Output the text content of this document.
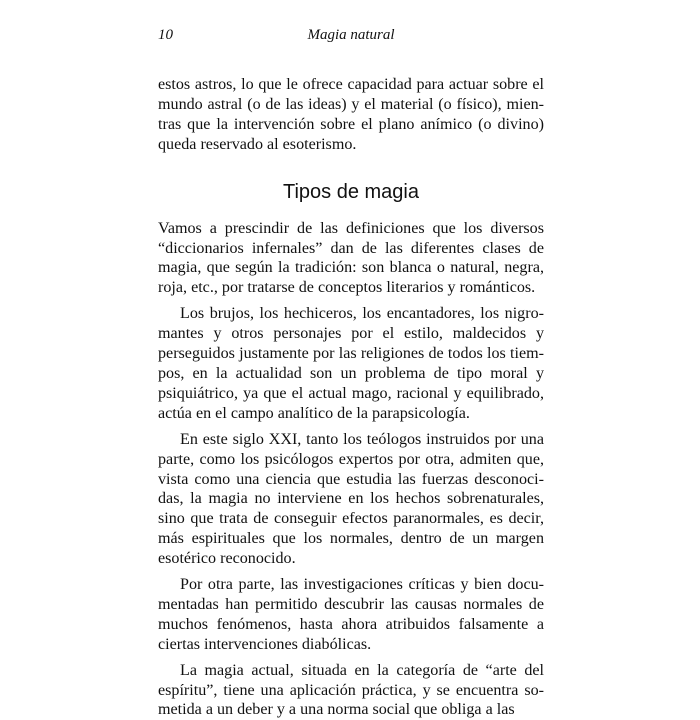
10	Magia natural

estos astros, lo que le ofrece capacidad para actuar sobre el mundo astral (o de las ideas) y el material (o físico), mientras que la intervención sobre el plano anímico (o divino) queda reservado al esoterismo.

Tipos de magia

Vamos a prescindir de las definiciones que los diversos “diccionarios infernales” dan de las diferentes clases de magia, que según la tradición: son blanca o natural, negra, roja, etc., por tratarse de conceptos literarios y románticos.

Los brujos, los hechiceros, los encantadores, los nigromantes y otros personajes por el estilo, maldecidos y perseguidos justamente por las religiones de todos los tiempos, en la actualidad son un problema de tipo moral y psiquiátrico, ya que el actual mago, racional y equilibrado, actúa en el campo analítico de la parapsicología.

En este siglo XXI, tanto los teólogos instruidos por una parte, como los psicólogos expertos por otra, admiten que, vista como una ciencia que estudia las fuerzas desconocidas, la magia no interviene en los hechos sobrenaturales, sino que trata de conseguir efectos paranormales, es decir, más espirituales que los normales, dentro de un margen esotérico reconocido.

Por otra parte, las investigaciones críticas y bien documentadas han permitido descubrir las causas normales de muchos fenómenos, hasta ahora atribuidos falsamente a ciertas intervenciones diabólicas.

La magia actual, situada en la categoría de “arte del espíritu”, tiene una aplicación práctica, y se encuentra sometida a un deber y a una norma social que obliga a las
